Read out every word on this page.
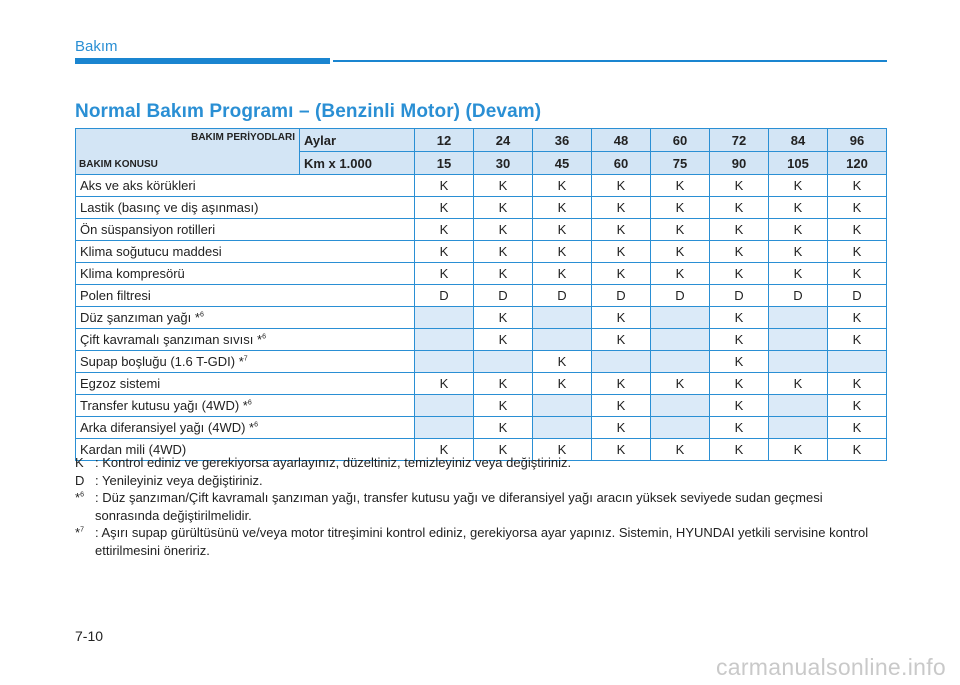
Bakım
Normal Bakım Programı – (Benzinli Motor) (Devam)
BAKIM PERİYODLARI
BAKIM KONUSU	Aylar	12	24	36	48	60	72	84	96
	Km x 1.000	15	30	45	60	75	90	105	120
Aks ve aks körükleri		K	K	K	K	K	K	K	K
Lastik (basınç ve diş aşınması)		K	K	K	K	K	K	K	K
Ön süspansiyon rotilleri		K	K	K	K	K	K	K	K
Klima soğutucu maddesi		K	K	K	K	K	K	K	K
Klima kompresörü		K	K	K	K	K	K	K	K
Polen filtresi		D	D	D	D	D	D	D	D
Düz şanzıman yağı *$^6$			K		K		K		K
Çift kavramalı şanzıman sıvısı *$^6$			K		K		K		K
Supap boşluğu (1.6 T-GDI) *$^7$				K			K		
Egzoz sistemi		K	K	K	K	K	K	K	K
Transfer kutusu yağı (4WD) *$^6$			K		K		K		K
Arka diferansiyel yağı (4WD) *$^6$			K		K		K		K
Kardan mili (4WD)		K	K	K	K	K	K	K	K
K : Kontrol ediniz ve gerekiyorsa ayarlayınız, düzeltiniz, temizleyiniz veya değiştiriniz.
D : Yenileyiniz veya değiştiriniz.
*$^6$ : Düz şanzıman/Çift kavramalı şanzıman yağı, transfer kutusu yağı ve diferansiyel yağı aracın yüksek seviyede sudan geçmesi sonrasında değiştirilmelidir.
*$^7$ : Aşırı supap gürültüsünü ve/veya motor titreşimini kontrol ediniz, gerekiyorsa ayar yapınız. Sistemin, HYUNDAI yetkili servisine kontrol ettirilmesini öneririz.
7-10
carmanualsonline.info
